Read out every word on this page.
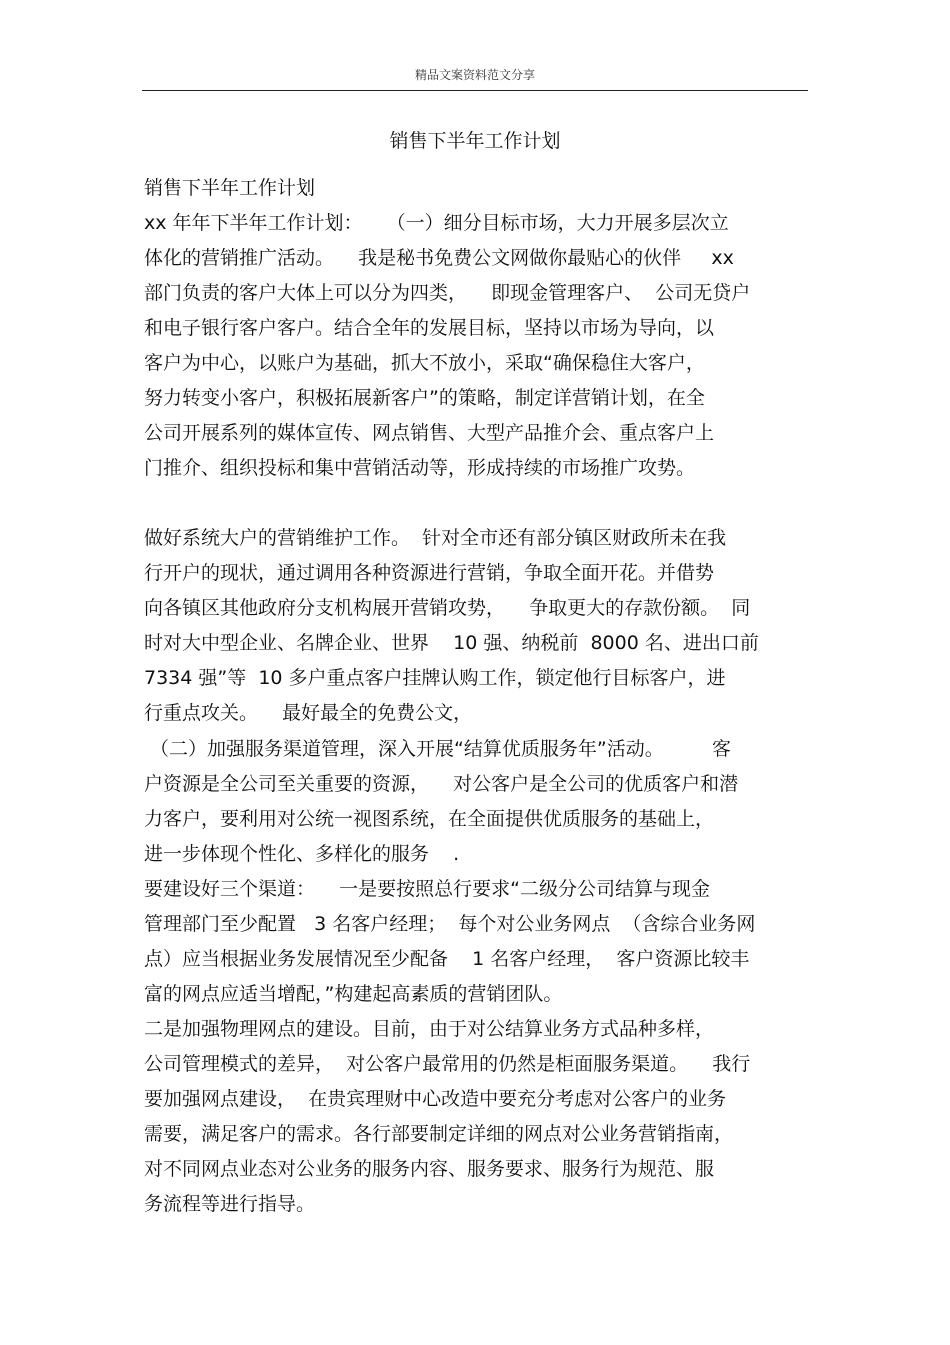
精品文案资料范文分享
销售下半年工作计划
销售下半年工作计划
xx 年年下半年工作计划：    （一）细分目标市场，大力开展多层次立
体化的营销推广活动。    我是秘书免费公文网做你最贴心的伙伴     xx
部门负责的客户大体上可以分为四类，    即现金管理客户、  公司无贷户
和电子银行客户客户。结合全年的发展目标，坚持以市场为导向，以
客户为中心，以账户为基础，抓大不放小，采取“确保稳住大客户，
努力转变小客户，积极拓展新客户”的策略，制定详营销计划，在全
公司开展系列的媒体宣传、网点销售、大型产品推介会、重点客户上
门推介、组织投标和集中营销活动等，形成持续的市场推广攻势。
做好系统大户的营销维护工作。  针对全市还有部分镇区财政所未在我
行开户的现状，通过调用各种资源进行营销，争取全面开花。并借势
向各镇区其他政府分支机构展开营销攻势，    争取更大的存款份额。  同
时对大中型企业、名牌企业、世界    10 强、纳税前  8000 名、进出口前
7334 强”等  10 多户重点客户挂牌认购工作，锁定他行目标客户，进
行重点攻关。    最好最全的免费公文，
（二）加强服务渠道管理，深入开展“结算优质服务年”活动。        客
户资源是全公司至关重要的资源，    对公客户是全公司的优质客户和潜
力客户，要利用对公统一视图系统，在全面提供优质服务的基础上，
进一步体现个性化、多样化的服务    .
要建设好三个渠道：    一是要按照总行要求“二级分公司结算与现金
管理部门至少配置   3 名客户经理；  每个对公业务网点  （含综合业务网
点）应当根据业务发展情况至少配备    1 名客户经理，  客户资源比较丰
富的网点应适当增配，”构建起高素质的营销团队。
二是加强物理网点的建设。目前，由于对公结算业务方式品种多样，
公司管理模式的差异，  对公客户最常用的仍然是柜面服务渠道。    我行
要加强网点建设，  在贵宾理财中心改造中要充分考虑对公客户的业务
需要，满足客户的需求。各行部要制定详细的网点对公业务营销指南，
对不同网点业态对公业务的服务内容、服务要求、服务行为规范、服
务流程等进行指导。
